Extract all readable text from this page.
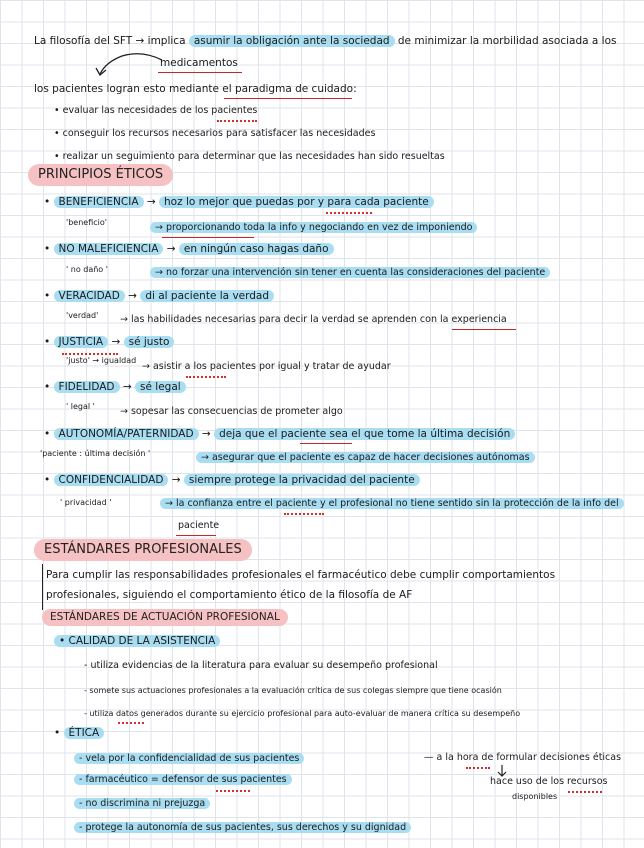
La filosofía del SFT → implica asumir la obligación ante la sociedad de minimizar la morbilidad asociada a los
medicamentos
los pacientes logran esto mediante el paradigma de cuidado:
• evaluar las necesidades de los pacientes
• conseguir los recursos necesarios para satisfacer las necesidades
• realizar un seguimiento para determinar que las necesidades han sido resueltas
PRINCIPIOS ÉTICOS
• BENEFICIENCIA → hoz lo mejor que puedas por y para cada paciente
'beneficio'	→ proporcionando toda la info y negociando en vez de imponiendo
• NO MALEFICIENCIA → en ningún caso hagas daño
' no daño '	→ no forzar una intervención sin tener en cuenta las consideraciones del paciente
• VERACIDAD → di al paciente la verdad
'verdad' → las habilidades necesarias para decir la verdad se aprenden con la experiencia
• JUSTICIA → sé justo
'justo' → igualdad
→ asistir a los pacientes por igual y tratar de ayudar
• FIDELIDAD → sé legal
' legal '	→ sopesar las consecuencias de prometer algo
• AUTONOMÍA/PATERNIDAD → deja que el paciente sea el que tome la última decisión
'paciente : última decisión '	→ asegurar que el paciente es capaz de hacer decisiones autónomas
• CONFIDENCIALIDAD → siempre protege la privacidad del paciente
' privacidad '	→ la confianza entre el paciente y el profesional no tiene sentido sin la protección de la info del
paciente
ESTÁNDARES PROFESIONALES
Para cumplir las responsabilidades profesionales el farmacéutico debe cumplir comportamientos
profesionales, siguiendo el comportamiento ético de la filosofía de AF
ESTÁNDARES DE ACTUACIÓN PROFESIONAL
• CALIDAD DE LA ASISTENCIA
- utiliza evidencias de la literatura para evaluar su desempeño profesional
- somete sus actuaciones profesionales a la evaluación crítica de sus colegas siempre que tiene ocasión
- utiliza datos generados durante su ejercicio profesional para auto-evaluar de manera crítica su desempeño
• ÉTICA
- vela por la confidencialidad de sus pacientes
- farmacéutico = defensor de sus pacientes
- no discrimina ni prejuzga
- protege la autonomía de sus pacientes, sus derechos y su dignidad
— a la hora de formular decisiones éticas
hace uso de los recursos
disponibles
